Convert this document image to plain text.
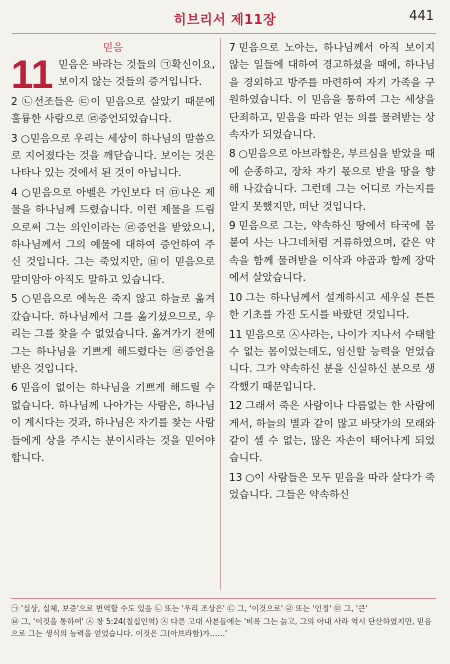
히브리서 제11장	441
믿음
11 믿음은 바라는 것들의 ㉠확신이요, 보이지 않는 것들의 증거입니다.
2 ㉡선조들은 ㉢이 믿음으로 살았기 때문에 훌륭한 사람으로 ㉣증언되었습니다.
3 ○믿음으로 우리는 세상이 하나님의 말씀으로 지어졌다는 것을 깨닫습니다. 보이는 것은 나타나 있는 것에서 된 것이 아닙니다.
4 ○믿음으로 아벨은 가인보다 더 ㉤나은 제물을 하나님께 드렸습니다. 이런 제물을 드림으로써 그는 의인이라는 ㉣증언을 받았으니, 하나님께서 그의 예물에 대하여 증언하여 주신 것입니다. 그는 죽었지만, ㉥이 믿음으로 말미암아 아직도 말하고 있습니다.
5 ○믿음으로 에녹은 죽지 않고 하늘로 옮겨갔습니다. 하나님께서 그를 옮기셨으므로, 우리는 그를 찾을 수 없었습니다. 옮겨가기 전에 그는 하나님을 기쁘게 해드렸다는 ㉣증언을 받은 것입니다.
6 믿음이 없이는 하나님을 기쁘게 해드릴 수 없습니다. 하나님께 나아가는 사람은, 하나님이 계시다는 것과, 하나님은 자기를 찾는 사람들에게 상을 주시는 분이시라는 것을 믿어야 합니다.
7 믿음으로 노아는, 하나님께서 아직 보이지 않는 일들에 대하여 경고하셨을 때에, 하나님을 경외하고 방주를 마련하여 자기 가족을 구원하였습니다. 이 믿음을 통하여 그는 세상을 단죄하고, 믿음을 따라 얻는 의를 물려받는 상속자가 되었습니다.
8 ○믿음으로 아브라함은, 부르심을 받았을 때에 순종하고, 장차 자기 몫으로 받을 땅을 향해 나갔습니다. 그런데 그는 어디로 가는지를 알지 못했지만, 떠난 것입니다.
9 믿음으로 그는, 약속하신 땅에서 타국에 몸 붙여 사는 나그네처럼 거류하였으며, 같은 약속을 함께 물려받을 이삭과 야곱과 함께 장막에서 살았습니다.
10 그는 하나님께서 설계하시고 세우실 튼튼한 기초를 가진 도시를 바랐던 것입니다.
11 믿음으로 ㉦사라는, 나이가 지나서 수태할 수 없는 몸이었는데도, 임신할 능력을 얻었습니다. 그가 약속하신 분을 신실하신 분으로 생각했기 때문입니다.
12 그래서 죽은 사람이나 다름없는 한 사람에게서, 하늘의 별과 같이 많고 바닷가의 모래와 같이 셀 수 없는, 많은 자손이 태어나게 되었습니다.
13 ○이 사람들은 모두 믿음을 따라 살다가 죽었습니다. 그들은 약속하신
㉠ '실상, 실체, 보증'으로 번역할 수도 있음 ㉡ 또는 '우리 조상은' ㉢ 그, '이것으로' ㉣ 또는 '인정' ㉤ 그, '큰'
㉥ 그, '이것을 통하여' ㉦ 창 5:24(칠십인역) ㉦ 다른 고대 사본들에는 '비록 그는 늙고, 그의 아내 사라 역시 단산하였지만, 믿음으로 그는 생식의 능력을 얻었습니다. 이것은 그(아브라함)가……'
